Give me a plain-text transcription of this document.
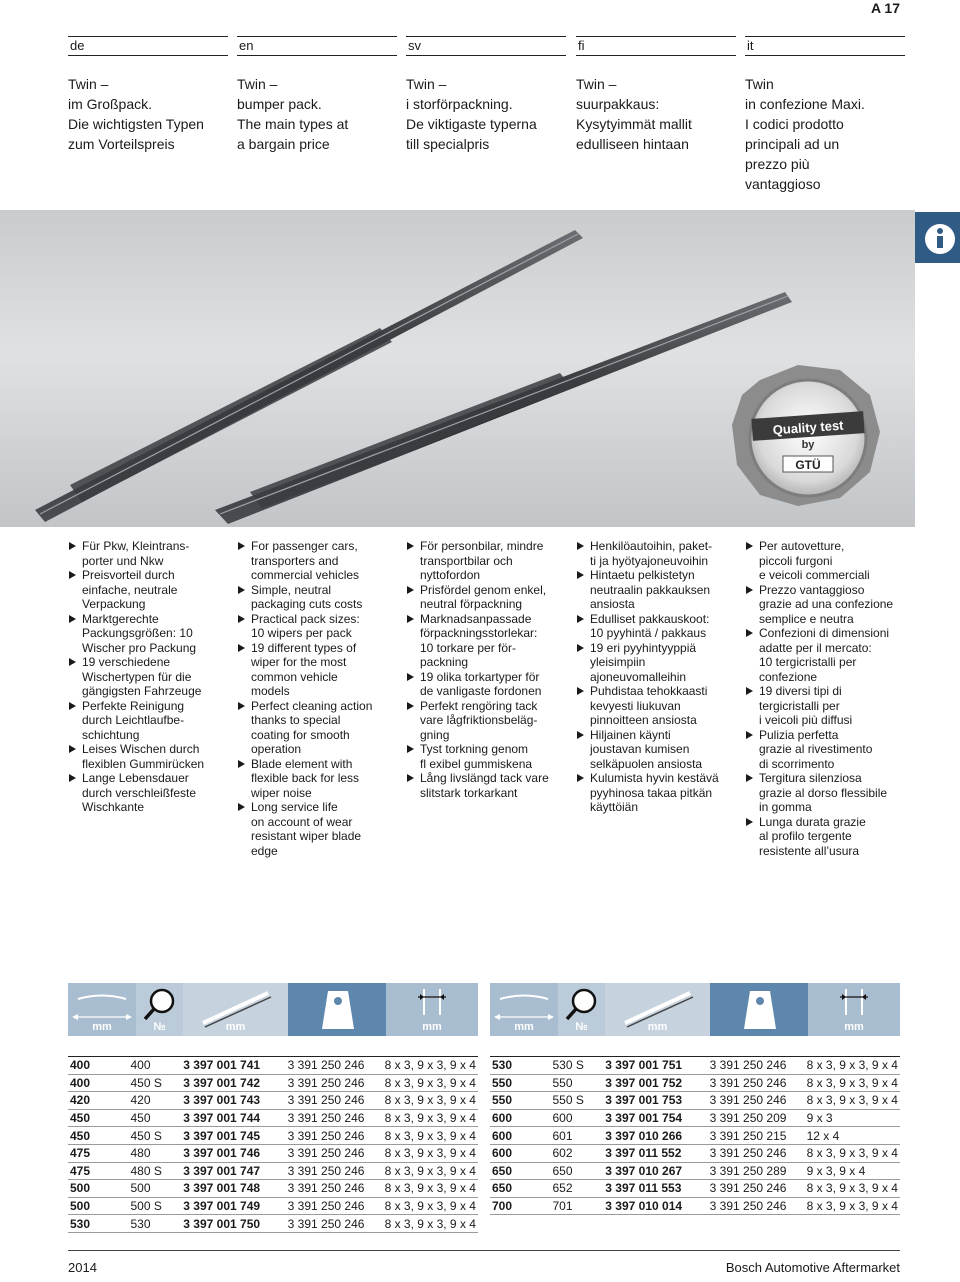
A 17
de
Twin –
im Großpack.
Die wichtigsten Typen
zum Vorteilspreis
en
Twin –
bumper pack.
The main types at
a bargain price
sv
Twin –
i storförpackning.
De viktigaste typerna
till specialpris
fi
Twin –
suurpakkaus:
Kysytyimmät mallit
edulliseen hintaan
it
Twin
in confezione Maxi.
I codici prodotto
principali ad un
prezzo più
vantaggioso
Quality test
by
GTÜ
Für Pkw, Kleintrans-
porter und Nkw
Preisvorteil durch
einfache, neutrale
Verpackung
Marktgerechte
Packungsgrößen: 10
Wischer pro Packung
19 verschiedene
Wischertypen für die
gängigsten Fahrzeuge
Perfekte Reinigung
durch Leichtlaufbe-
schichtung
Leises Wischen durch
flexiblen Gummirücken
Lange Lebensdauer
durch verschleißfeste
Wischkante
For passenger cars,
transporters and
commercial vehicles
Simple, neutral
packaging cuts costs
Practical pack sizes:
10 wipers per pack
19 different types of
wiper for the most
common vehicle
models
Perfect cleaning action
thanks to special
coating for smooth
operation
Blade element with
flexible back for less
wiper noise
Long service life
on account of wear
resistant wiper blade
edge
För personbilar, mindre
transportbilar och
nyttofordon
Prisfördel genom enkel,
neutral förpackning
Marknadsanpassade
förpackningsstorlekar:
10 torkare per för-
packning
19 olika torkartyper för
de vanligaste fordonen
Perfekt rengöring tack
vare lågfriktionsbeläg-
gning
Tyst torkning genom
fl exibel gummiskena
Lång livslängd tack vare
slitstark torkarkant
Henkilöautoihin, paket-
ti ja hyötyajoneuvoihin
Hintaetu pelkistetyn
neutraalin pakkauksen
ansiosta
Edulliset pakkauskoot:
10 pyyhintä / pakkaus
19 eri pyyhintyyppiä
yleisimpiin
ajoneuvomalleihin
Puhdistaa tehokkaasti
kevyesti liukuvan
pinnoitteen ansiosta
Hiljainen käynti
joustavan kumisen
selkäpuolen ansiosta
Kulumista hyvin kestävä
pyyhinosa takaa pitkän
käyttöiän
Per autovetture,
piccoli furgoni
e veicoli commerciali
Prezzo vantaggioso
grazie ad una confezione
semplice e neutra
Confezioni di dimensioni
adatte per il mercato:
10 tergicristalli per
confezione
19 diversi tipi di
tergicristalli per
i veicoli più diffusi
Pulizia perfetta
grazie al rivestimento
di scorrimento
Tergitura silenziosa
grazie al dorso flessibile
in gomma
Lunga durata grazie
al profilo tergente
resistente all’usura
mm	№	mm	mm	mm	№	mm	mm
400	400	3 397 001 741	3 391 250 246	8 x 3, 9 x 3, 9 x 4
400	450 S	3 397 001 742	3 391 250 246	8 x 3, 9 x 3, 9 x 4
420	420	3 397 001 743	3 391 250 246	8 x 3, 9 x 3, 9 x 4
450	450	3 397 001 744	3 391 250 246	8 x 3, 9 x 3, 9 x 4
450	450 S	3 397 001 745	3 391 250 246	8 x 3, 9 x 3, 9 x 4
475	480	3 397 001 746	3 391 250 246	8 x 3, 9 x 3, 9 x 4
475	480 S	3 397 001 747	3 391 250 246	8 x 3, 9 x 3, 9 x 4
500	500	3 397 001 748	3 391 250 246	8 x 3, 9 x 3, 9 x 4
500	500 S	3 397 001 749	3 391 250 246	8 x 3, 9 x 3, 9 x 4
530	530	3 397 001 750	3 391 250 246	8 x 3, 9 x 3, 9 x 4
530	530 S	3 397 001 751	3 391 250 246	8 x 3, 9 x 3, 9 x 4
550	550	3 397 001 752	3 391 250 246	8 x 3, 9 x 3, 9 x 4
550	550 S	3 397 001 753	3 391 250 246	8 x 3, 9 x 3, 9 x 4
600	600	3 397 001 754	3 391 250 209	9 x 3
600	601	3 397 010 266	3 391 250 215	12 x 4
600	602	3 397 011 552	3 391 250 246	8 x 3, 9 x 3, 9 x 4
650	650	3 397 010 267	3 391 250 289	9 x 3, 9 x 4
650	652	3 397 011 553	3 391 250 246	8 x 3, 9 x 3, 9 x 4
700	701	3 397 010 014	3 391 250 246	8 x 3, 9 x 3, 9 x 4
2014	Bosch Automotive Aftermarket
